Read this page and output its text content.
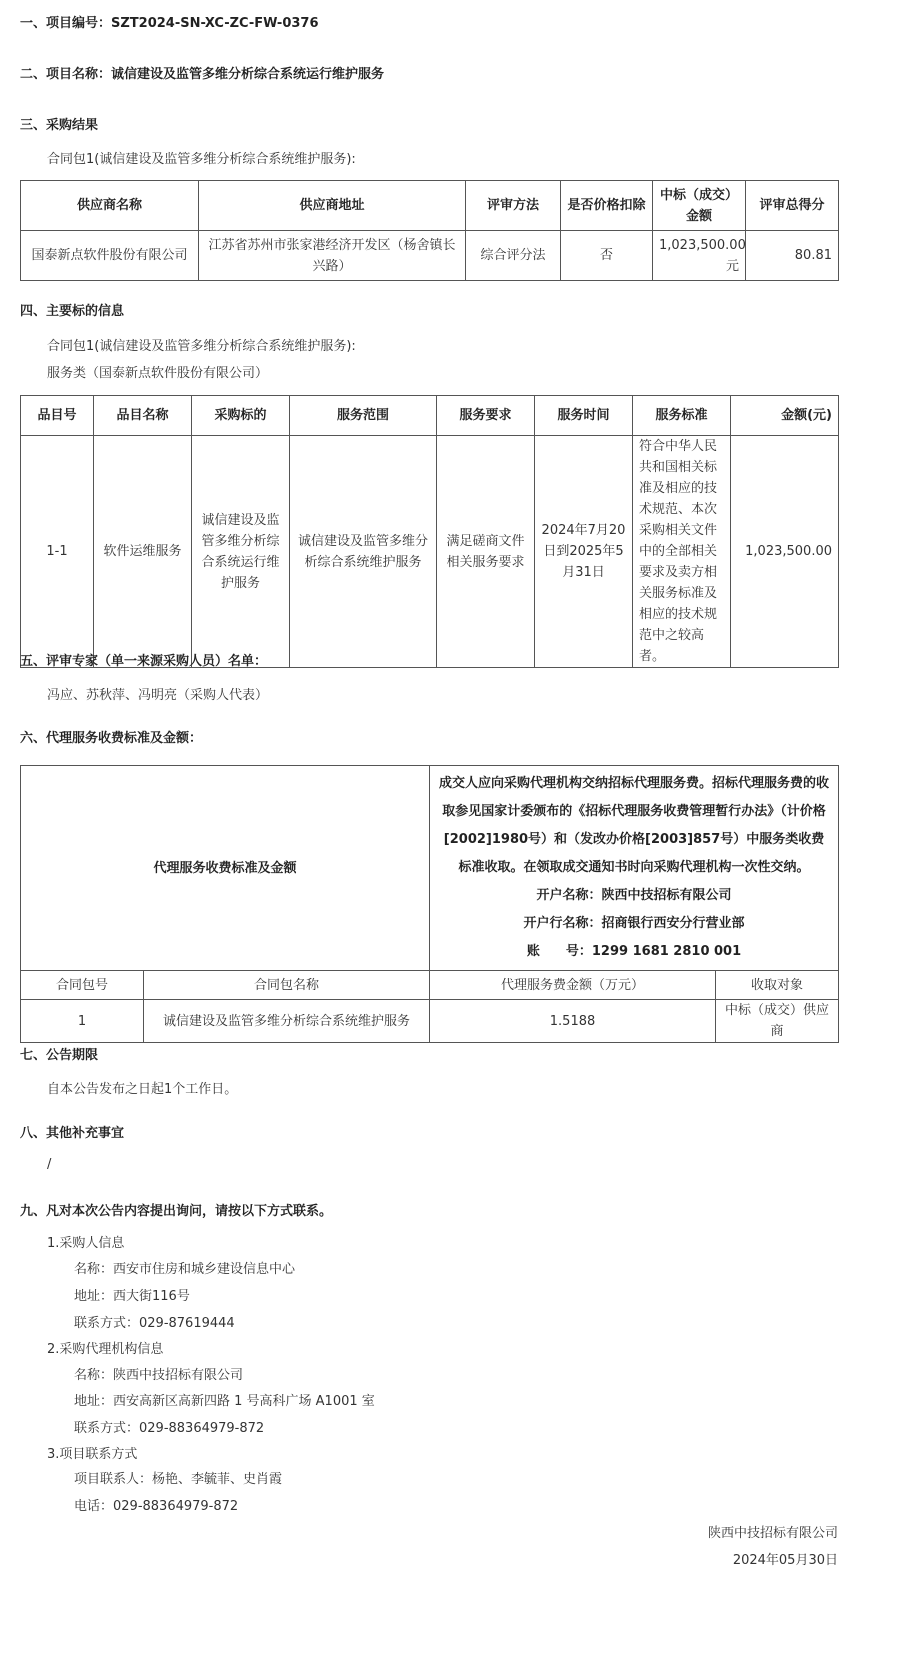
一、项目编号：SZT2024-SN-XC-ZC-FW-0376
二、项目名称：诚信建设及监管多维分析综合系统运行维护服务
三、采购结果
合同包1(诚信建设及监管多维分析综合系统维护服务):
供应商名称	供应商地址	评审方法	是否价格扣除	中标（成交）金额	评审总得分
国泰新点软件股份有限公司	江苏省苏州市张家港经济开发区（杨舍镇长兴路）	综合评分法	否	1,023,500.00元	80.81
四、主要标的信息
合同包1(诚信建设及监管多维分析综合系统维护服务):
服务类（国泰新点软件股份有限公司）
品目号	品目名称	采购标的	服务范围	服务要求	服务时间	服务标准	金额(元)
1-1	软件运维服务	诚信建设及监管多维分析综合系统运行维护服务	诚信建设及监管多维分析综合系统维护服务	满足磋商文件相关服务要求	2024年7月20日到2025年5月31日	符合中华人民共和国相关标准及相应的技术规范、本次采购相关文件中的全部相关要求及卖方相关服务标准及相应的技术规范中之较高者。	1,023,500.00
五、评审专家（单一来源采购人员）名单：
冯应、苏秋萍、冯明亮（采购人代表）
六、代理服务收费标准及金额：
代理服务收费标准及金额		成交人应向采购代理机构交纳招标代理服务费。招标代理服务费的收取参见国家计委颁布的《招标代理服务收费管理暂行办法》（计价格[2002]1980号）和（发改办价格[2003]857号）中服务类收费标准收取。在领取成交通知书时向采购代理机构一次性交纳。
开户名称：陕西中技招标有限公司
开户行名称：招商银行西安分行营业部
账　　号：1299 1681 2810 001	

合同包号	合同包名称	代理服务费金额（万元）	收取对象
1	诚信建设及监管多维分析综合系统维护服务	1.5188	中标（成交）供应商
七、公告期限
自本公告发布之日起1个工作日。
八、其他补充事宜
/
九、凡对本次公告内容提出询问，请按以下方式联系。
1.采购人信息
名称：西安市住房和城乡建设信息中心
地址：西大街116号
联系方式：029-87619444
2.采购代理机构信息
名称：陕西中技招标有限公司
地址：西安高新区高新四路 1 号高科广场 A1001 室
联系方式：029-88364979-872
3.项目联系方式
项目联系人：杨艳、李毓菲、史肖霞
电话：029-88364979-872
陕西中技招标有限公司
2024年05月30日
